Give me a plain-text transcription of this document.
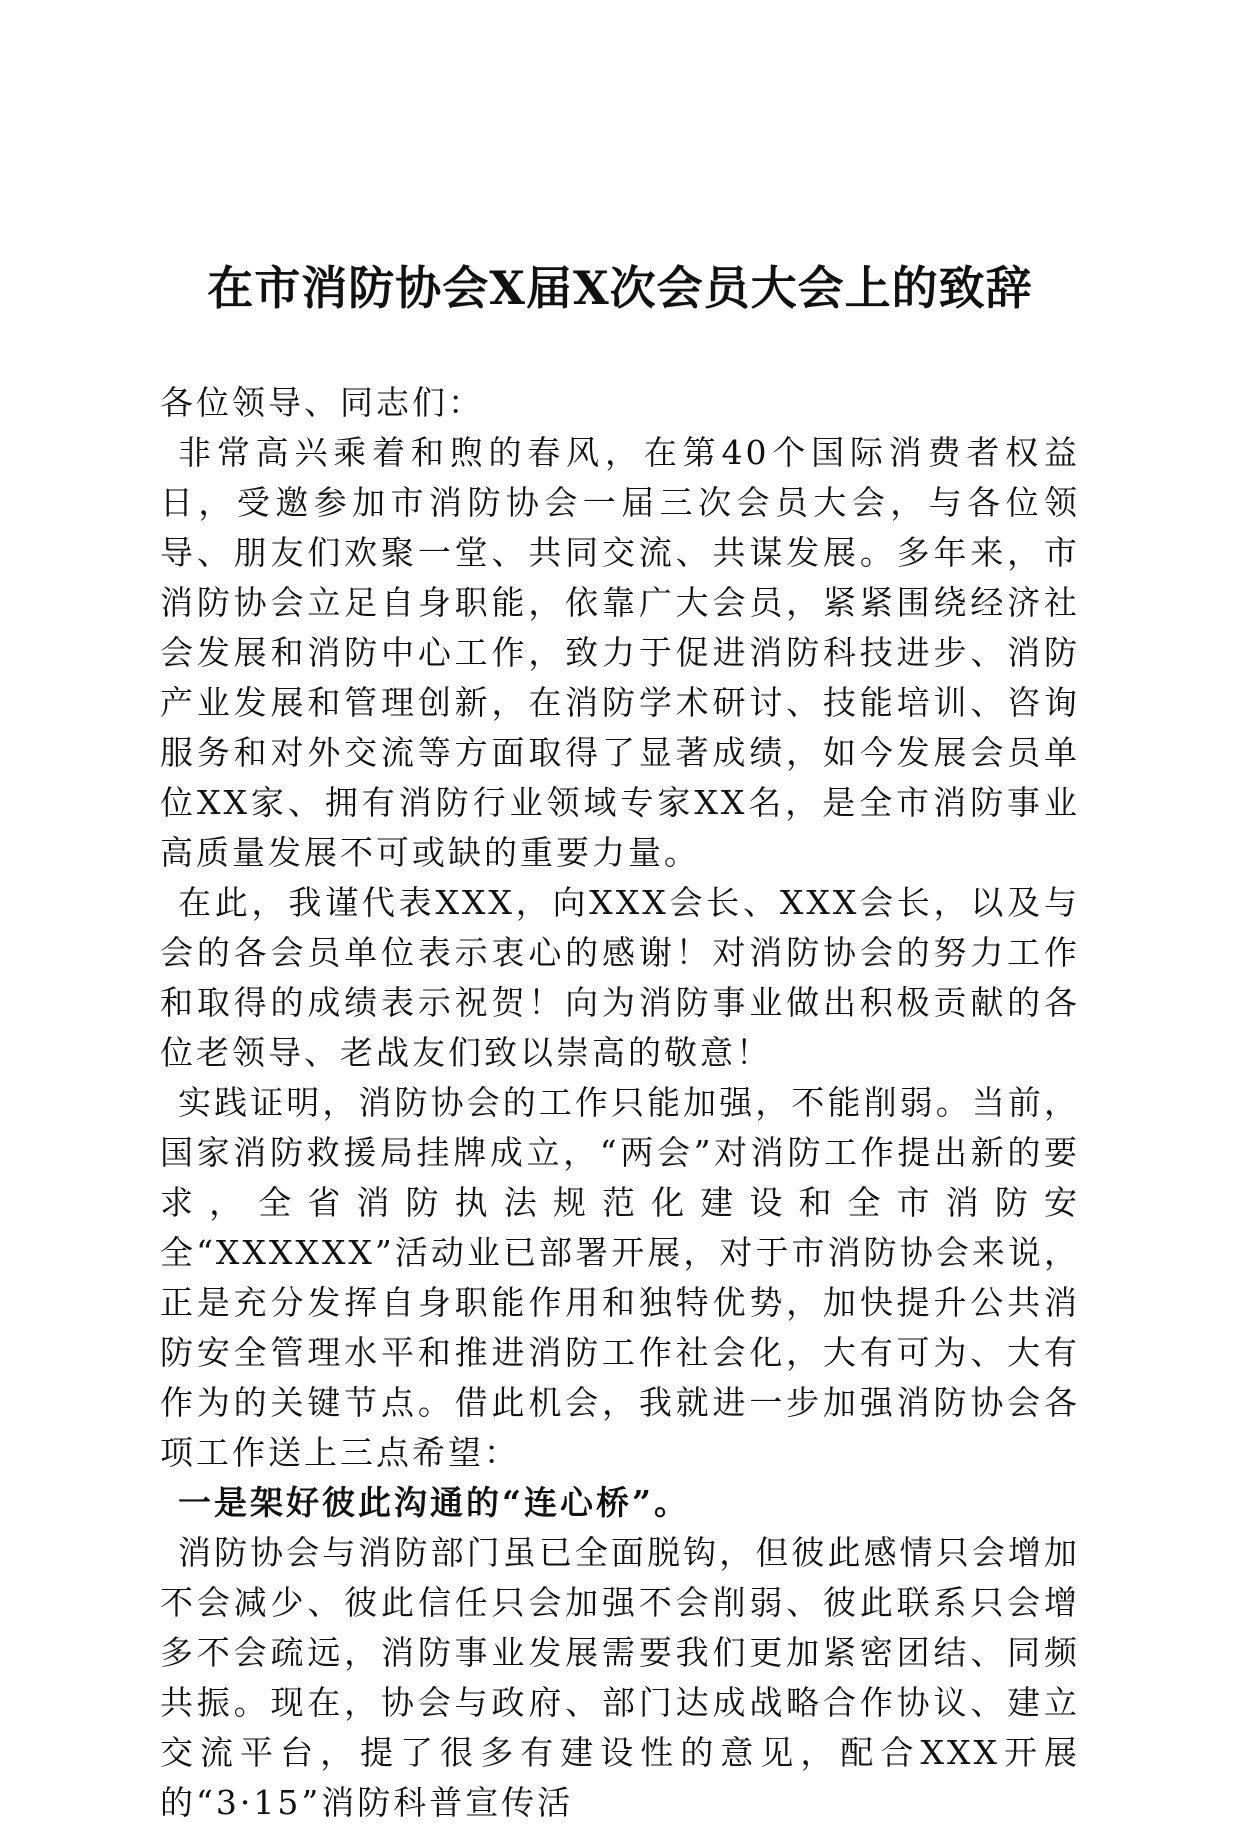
在市消防协会X届X次会员大会上的致辞

各位领导、同志们：

非常高兴乘着和煦的春风，在第40个国际消费者权益日，受邀参加市消防协会一届三次会员大会，与各位领导、朋友们欢聚一堂、共同交流、共谋发展。多年来，市消防协会立足自身职能，依靠广大会员，紧紧围绕经济社会发展和消防中心工作，致力于促进消防科技进步、消防产业发展和管理创新，在消防学术研讨、技能培训、咨询服务和对外交流等方面取得了显著成绩，如今发展会员单位XX家、拥有消防行业领域专家XX名，是全市消防事业高质量发展不可或缺的重要力量。

在此，我谨代表XXX，向XXX会长、XXX会长，以及与会的各会员单位表示衷心的感谢！对消防协会的努力工作和取得的成绩表示祝贺！向为消防事业做出积极贡献的各位老领导、老战友们致以崇高的敬意！

实践证明，消防协会的工作只能加强，不能削弱。当前，国家消防救援局挂牌成立，“两会”对消防工作提出新的要求，全省消防执法规范化建设和全市消防安全“XXXXXX”活动业已部署开展，对于市消防协会来说，正是充分发挥自身职能作用和独特优势，加快提升公共消防安全管理水平和推进消防工作社会化，大有可为、大有作为的关键节点。借此机会，我就进一步加强消防协会各项工作送上三点希望：

一是架好彼此沟通的“连心桥”。

消防协会与消防部门虽已全面脱钩，但彼此感情只会增加不会减少、彼此信任只会加强不会削弱、彼此联系只会增多不会疏远，消防事业发展需要我们更加紧密团结、同频共振。现在，协会与政府、部门达成战略合作协议、建立交流平台，提了很多有建设性的意见，配合XXX开展的“3·15”消防科普宣传活
